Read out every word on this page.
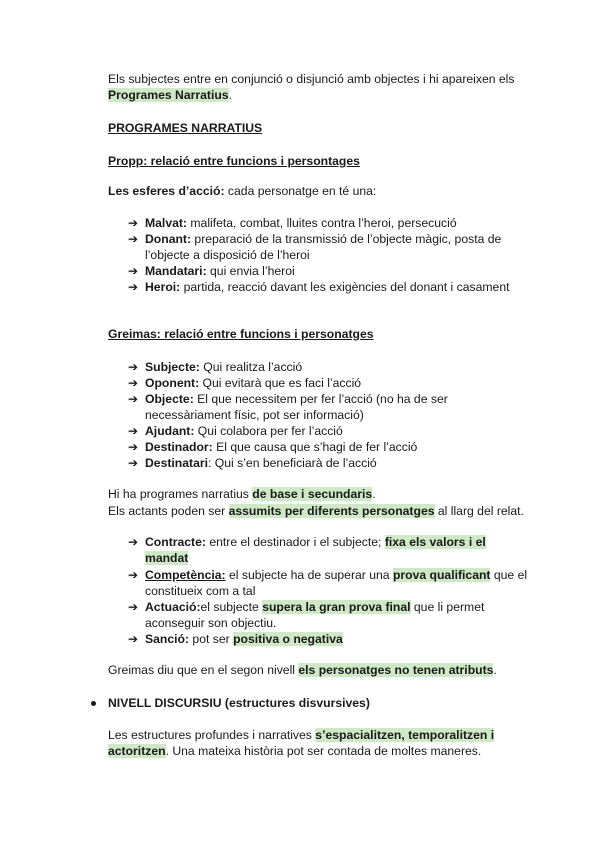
Els subjectes entre en conjunció o disjunció amb objectes i hi apareixen els
Programes Narratius.
PROGRAMES NARRATIUS
Propp: relació entre funcions i persontages
Les esferes d’acció: cada personatge en té una:
➔ Malvat: malifeta, combat, lluites contra l’heroi, persecució
➔ Donant: preparació de la transmissió de l’objecte màgic, posta de
l’objecte a disposició de l’heroi
➔ Mandatari: qui envia l’heroi
➔ Heroi: partida, reacció davant les exigències del donant i casament
Greimas: relació entre funcions i personatges
➔ Subjecte: Qui realitza l’acció
➔ Oponent: Qui evitarà que es faci l’acció
➔ Objecte: El que necessitem per fer l’acció (no ha de ser
necessàriament físic, pot ser informació)
➔ Ajudant: Qui colabora per fer l’acció
➔ Destinador: El que causa que s’hagi de fer l’acció
➔ Destinatari: Qui s’en beneficiarà de l’acció
Hi ha programes narratius de base i secundaris.
Els actants poden ser assumits per diferents personatges al llarg del relat.
➔ Contracte: entre el destinador i el subjecte; fixa els valors i el
mandat
➔ Competència: el subjecte ha de superar una prova qualificant que el
constitueix com a tal
➔ Actuació:el subjecte supera la gran prova final que li permet
aconseguir son objectiu.
➔ Sanció: pot ser positiva o negativa
Greimas diu que en el segon nivell els personatges no tenen atributs.
NIVELL DISCURSIU (estructures disvursives)
Les estructures profundes i narratives s’espacialitzen, temporalitzen i
actoritzen. Una mateixa història pot ser contada de moltes maneres.
